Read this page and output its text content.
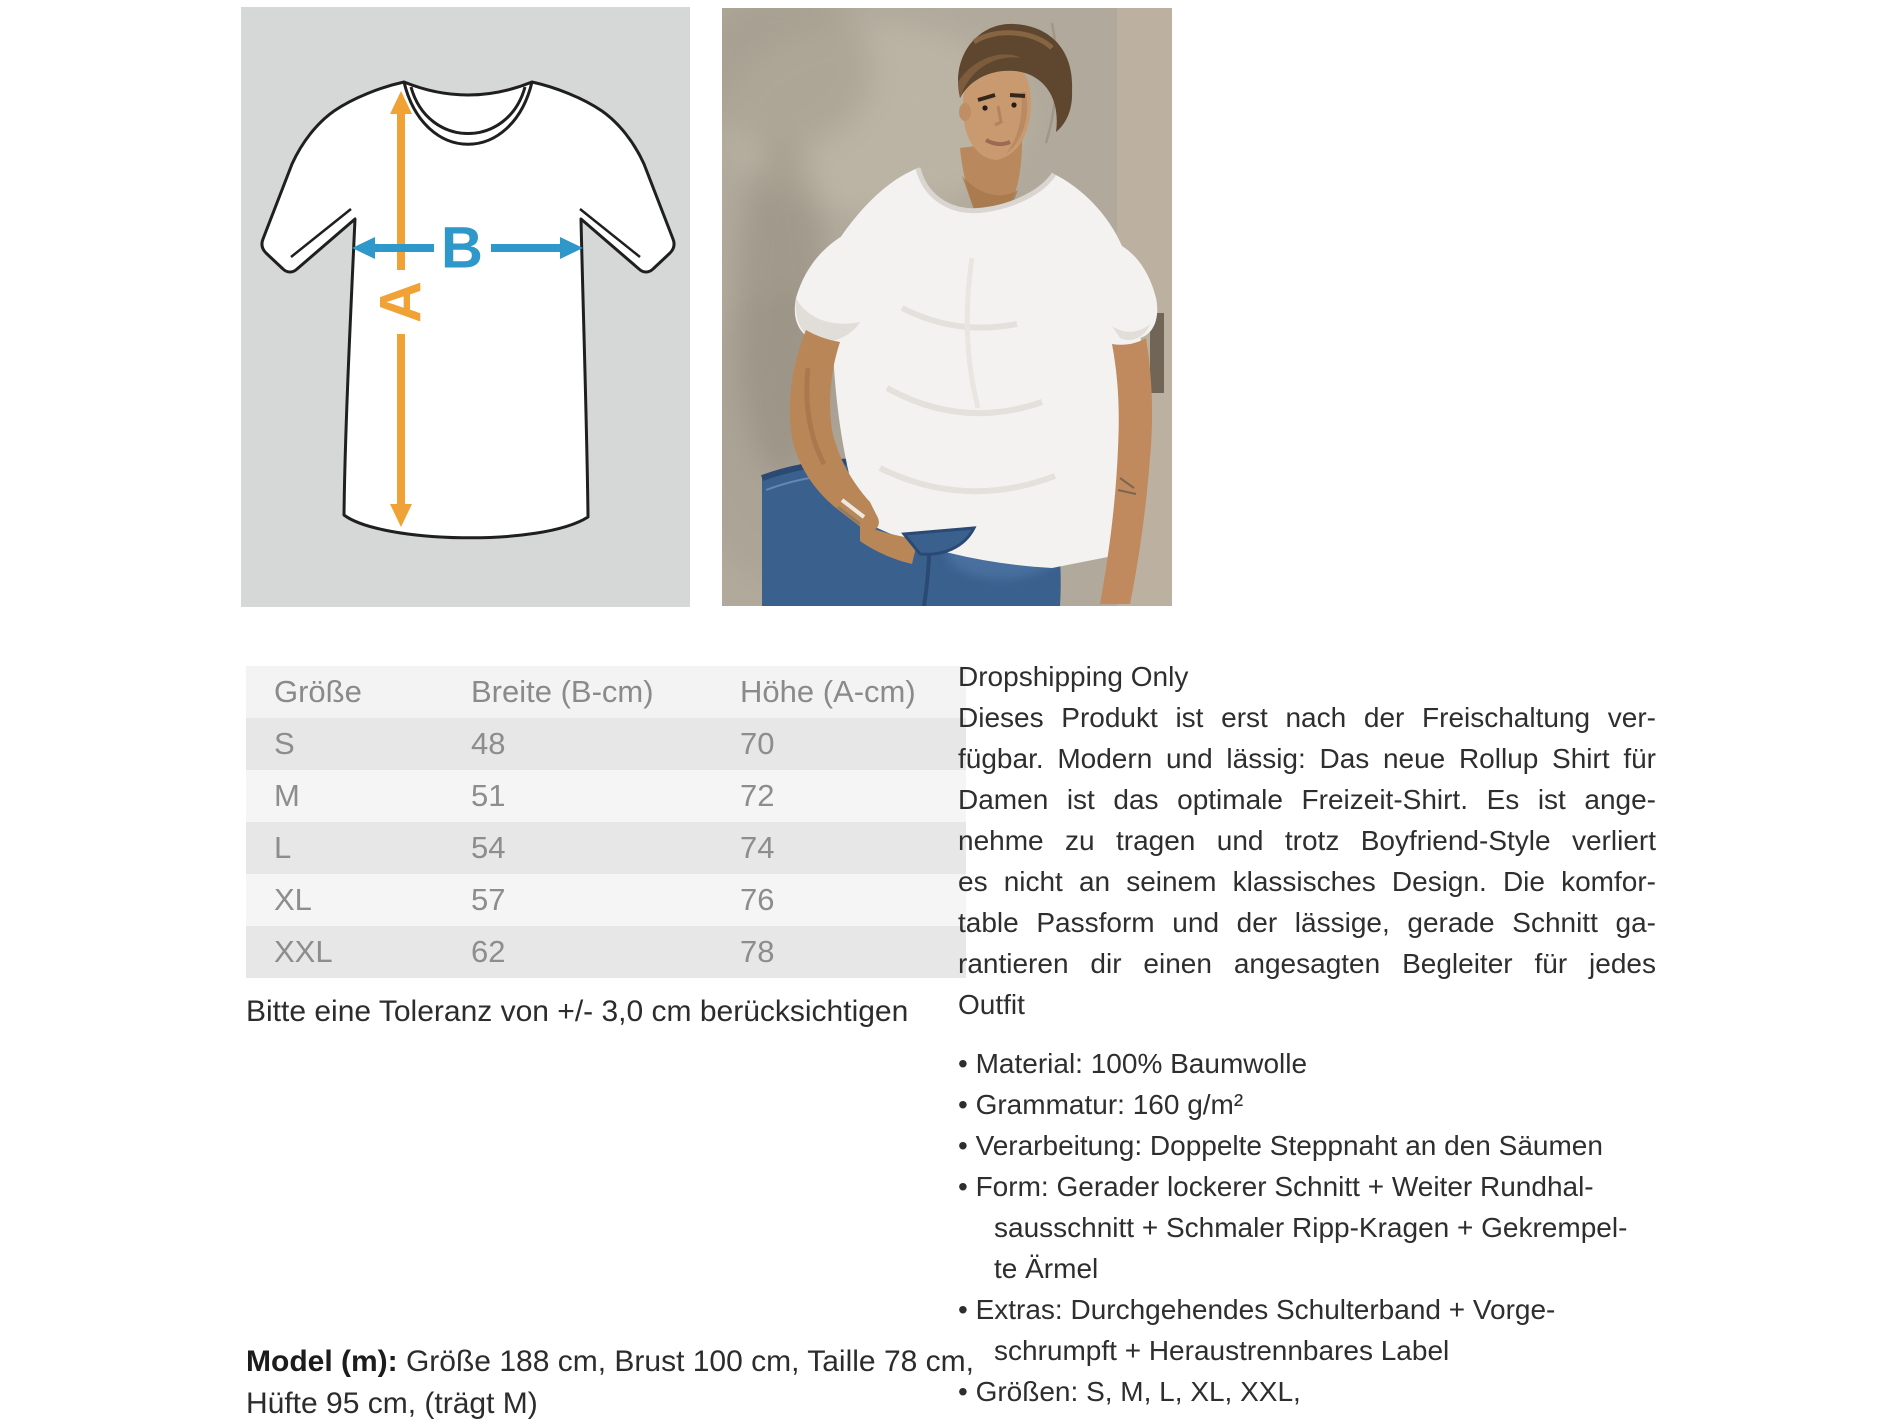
A
B
Größe	Breite (B-cm)	Höhe (A-cm)
S	48	70
M	51	72
L	54	74
XL	57	76
XXL	62	78
Bitte eine Toleranz von +/- 3,0 cm berücksichtigen
Model (m): Größe 188 cm, Brust 100 cm, Taille 78 cm,
Hüfte 95 cm, (trägt M)
Dropshipping Only
Dieses Produkt ist erst nach der Freischaltung ver-
fügbar. Modern und lässig: Das neue Rollup Shirt für
Damen ist das optimale Freizeit-Shirt. Es ist ange-
nehme zu tragen und trotz Boyfriend-Style verliert
es nicht an seinem klassisches Design. Die komfor-
table Passform und der lässige, gerade Schnitt ga-
rantieren dir einen angesagten Begleiter für jedes
Outfit
• Material: 100% Baumwolle
• Grammatur: 160 g/m²
• Verarbeitung: Doppelte Steppnaht an den Säumen
• Form: Gerader lockerer Schnitt + Weiter Rundhal-
sausschnitt + Schmaler Ripp-Kragen + Gekrempel-
te Ärmel
• Extras: Durchgehendes Schulterband + Vorge-
schrumpft + Heraustrennbares Label
• Größen: S, M, L, XL, XXL,
